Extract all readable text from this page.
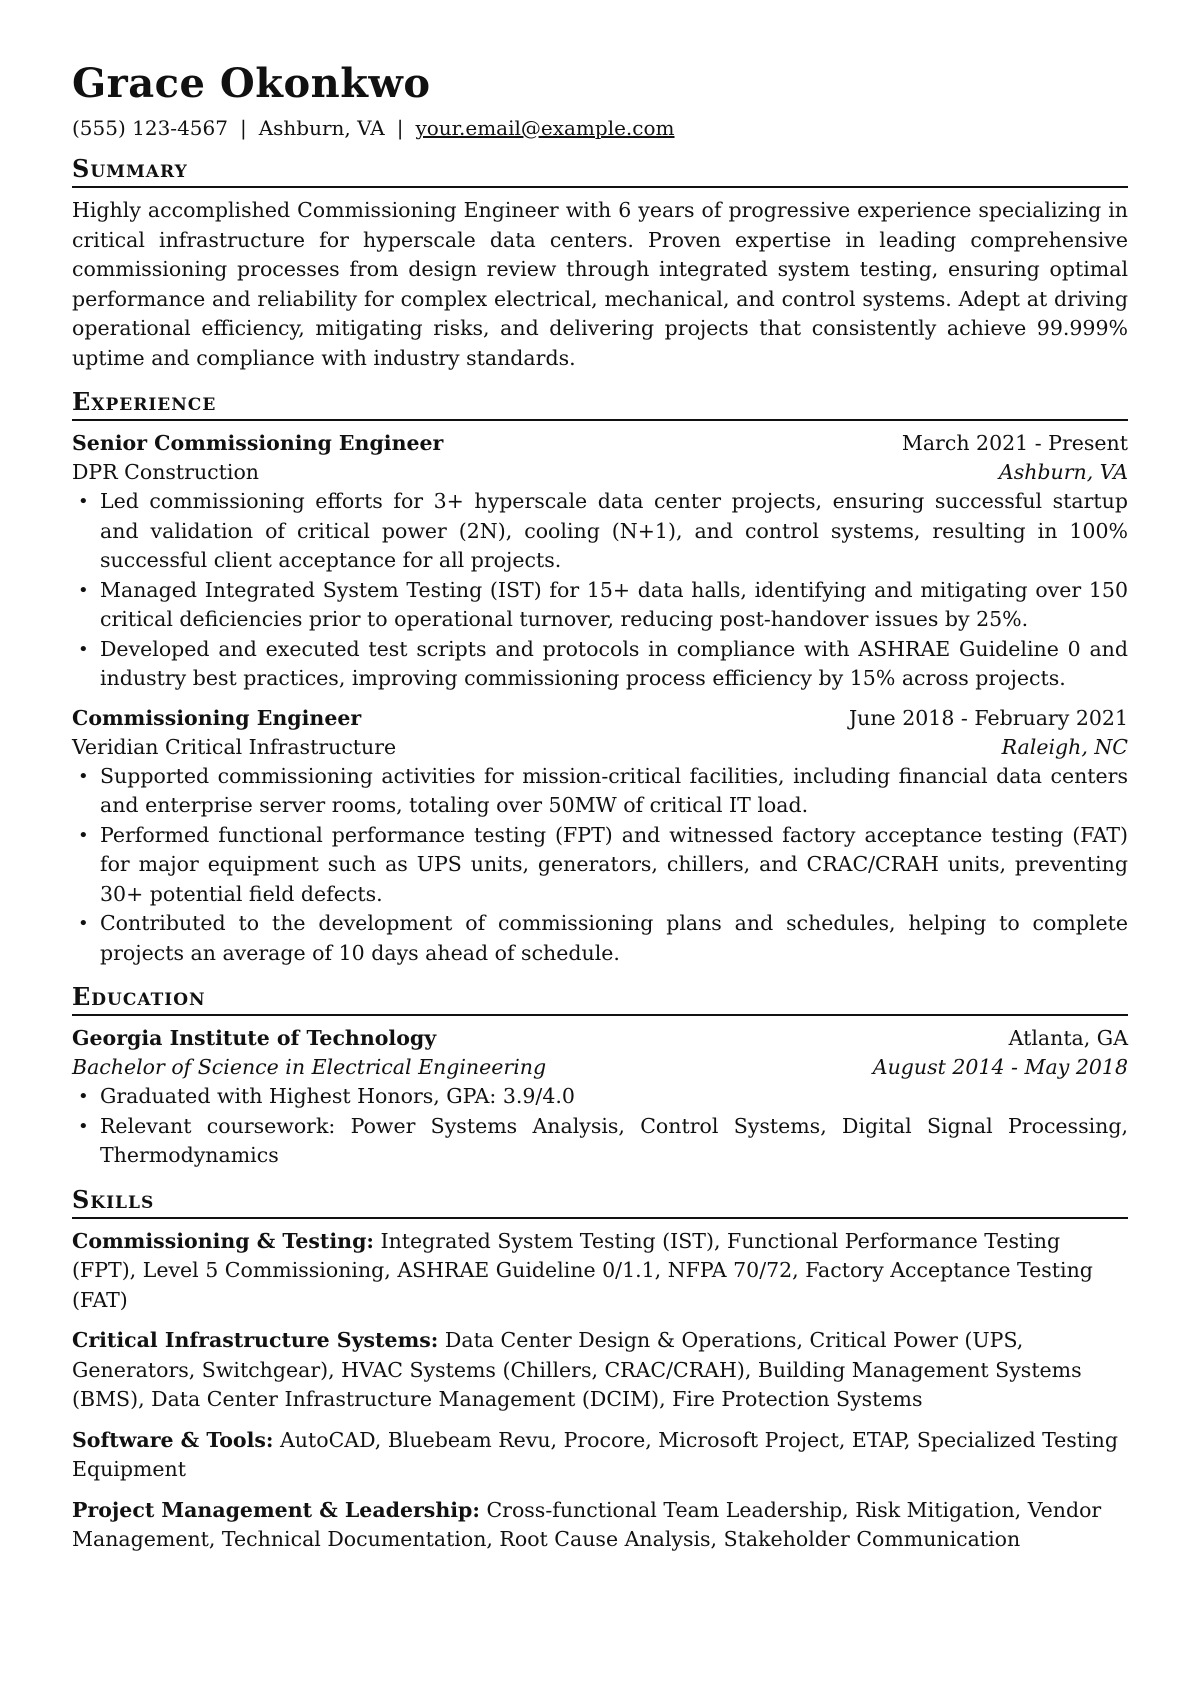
Grace Okonkwo
(555) 123-4567 | Ashburn, VA | your.email@example.com
Summary
Highly accomplished Commissioning Engineer with 6 years of progressive experience specializing in critical infrastructure for hyperscale data centers. Proven expertise in leading comprehensive commissioning processes from design review through integrated system testing, ensuring optimal performance and reliability for complex electrical, mechanical, and control systems. Adept at driving operational efficiency, mitigating risks, and delivering projects that consistently achieve 99.999% uptime and compliance with industry standards.
Experience
Senior Commissioning Engineer	March 2021 - Present
DPR Construction	Ashburn, VA
• Led commissioning efforts for 3+ hyperscale data center projects, ensuring successful startup and validation of critical power (2N), cooling (N+1), and control systems, resulting in 100% successful client acceptance for all projects.
• Managed Integrated System Testing (IST) for 15+ data halls, identifying and mitigating over 150 critical deficiencies prior to operational turnover, reducing post-handover issues by 25%.
• Developed and executed test scripts and protocols in compliance with ASHRAE Guideline 0 and industry best practices, improving commissioning process efficiency by 15% across projects.
Commissioning Engineer	June 2018 - February 2021
Veridian Critical Infrastructure	Raleigh, NC
• Supported commissioning activities for mission-critical facilities, including financial data centers and enterprise server rooms, totaling over 50MW of critical IT load.
• Performed functional performance testing (FPT) and witnessed factory acceptance testing (FAT) for major equipment such as UPS units, generators, chillers, and CRAC/CRAH units, preventing 30+ potential field defects.
• Contributed to the development of commissioning plans and schedules, helping to complete projects an average of 10 days ahead of schedule.
Education
Georgia Institute of Technology	Atlanta, GA
Bachelor of Science in Electrical Engineering	August 2014 - May 2018
• Graduated with Highest Honors, GPA: 3.9/4.0
• Relevant coursework: Power Systems Analysis, Control Systems, Digital Signal Processing, Thermodynamics
Skills
Commissioning & Testing: Integrated System Testing (IST), Functional Performance Testing (FPT), Level 5 Commissioning, ASHRAE Guideline 0/1.1, NFPA 70/72, Factory Acceptance Testing (FAT)
Critical Infrastructure Systems: Data Center Design & Operations, Critical Power (UPS, Generators, Switchgear), HVAC Systems (Chillers, CRAC/CRAH), Building Management Systems (BMS), Data Center Infrastructure Management (DCIM), Fire Protection Systems
Software & Tools: AutoCAD, Bluebeam Revu, Procore, Microsoft Project, ETAP, Specialized Testing Equipment
Project Management & Leadership: Cross-functional Team Leadership, Risk Mitigation, Vendor Management, Technical Documentation, Root Cause Analysis, Stakeholder Communication
